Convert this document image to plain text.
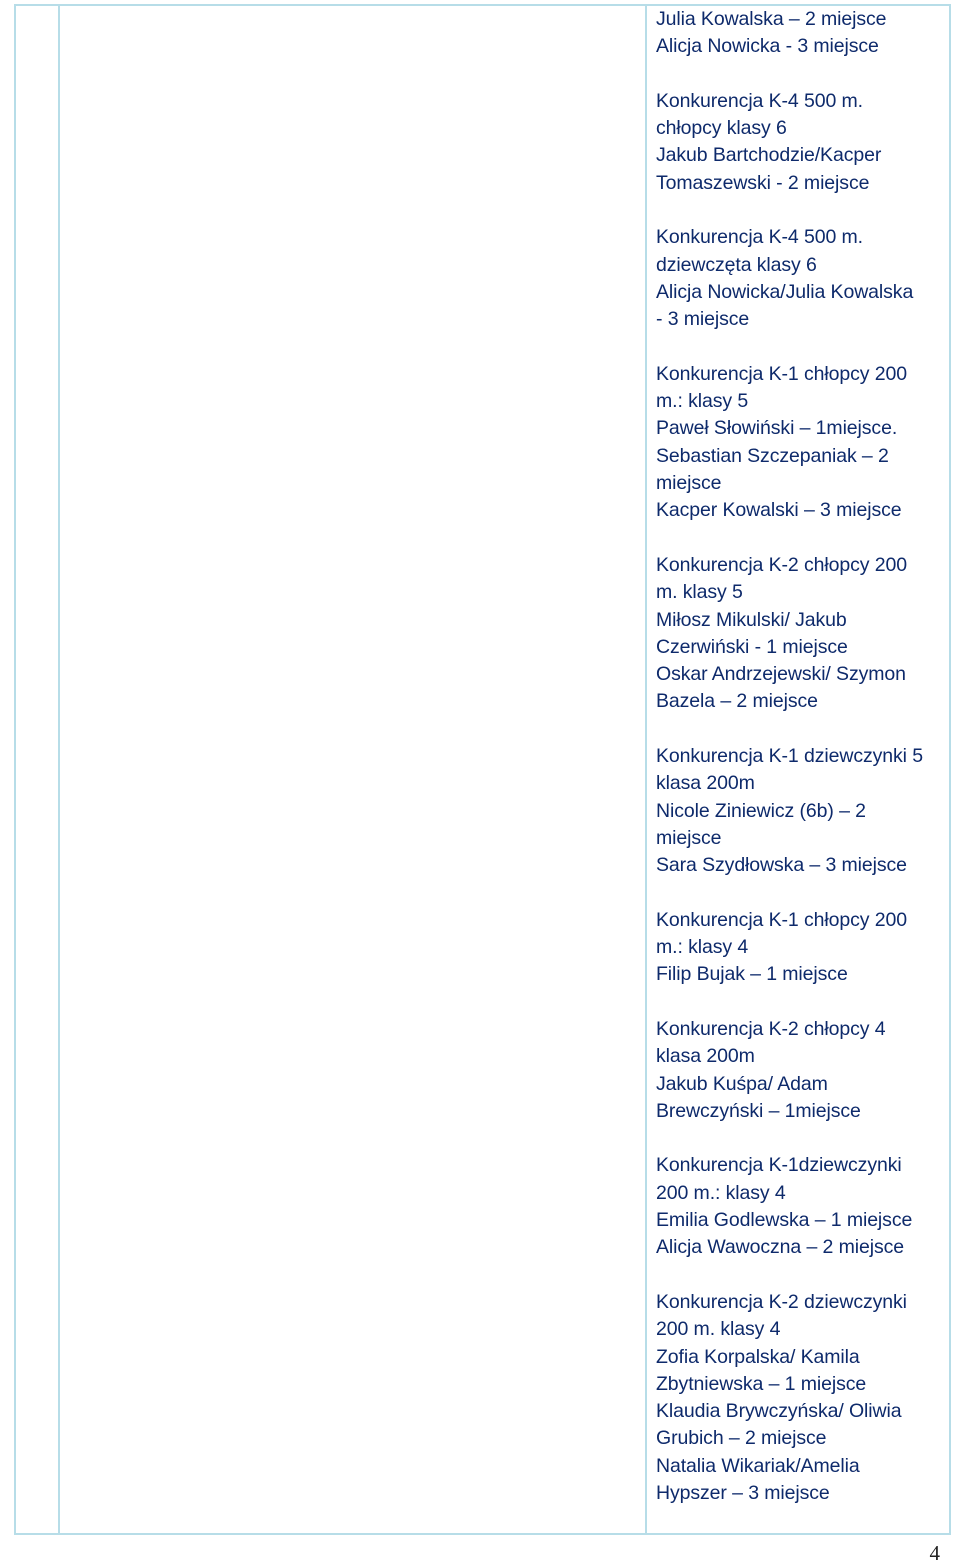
Julia Kowalska – 2 miejsce
Alicja Nowicka - 3 miejsce
Konkurencja K-4 500 m.
chłopcy klasy 6
Jakub Bartchodzie/Kacper
Tomaszewski - 2 miejsce
Konkurencja K-4 500 m.
dziewczęta klasy 6
Alicja Nowicka/Julia Kowalska
- 3 miejsce
Konkurencja K-1 chłopcy 200
m.: klasy 5
Paweł Słowiński – 1miejsce.
Sebastian Szczepaniak – 2
miejsce
Kacper Kowalski – 3 miejsce
Konkurencja K-2 chłopcy 200
m. klasy 5
Miłosz Mikulski/ Jakub
Czerwiński - 1 miejsce
Oskar Andrzejewski/ Szymon
Bazela – 2 miejsce
Konkurencja K-1 dziewczynki 5
klasa 200m
Nicole Ziniewicz (6b) – 2
miejsce
Sara Szydłowska – 3 miejsce
Konkurencja K-1 chłopcy 200
m.: klasy 4
Filip Bujak – 1 miejsce
Konkurencja K-2 chłopcy 4
klasa 200m
Jakub Kuśpa/ Adam
Brewczyński – 1miejsce
Konkurencja K-1dziewczynki
200 m.: klasy 4
Emilia Godlewska – 1 miejsce
Alicja Wawoczna – 2 miejsce
Konkurencja K-2 dziewczynki
200 m. klasy 4
Zofia Korpalska/ Kamila
Zbytniewska – 1 miejsce
Klaudia Brywczyńska/ Oliwia
Grubich – 2 miejsce
Natalia Wikariak/Amelia
Hypszer – 3 miejsce
4
